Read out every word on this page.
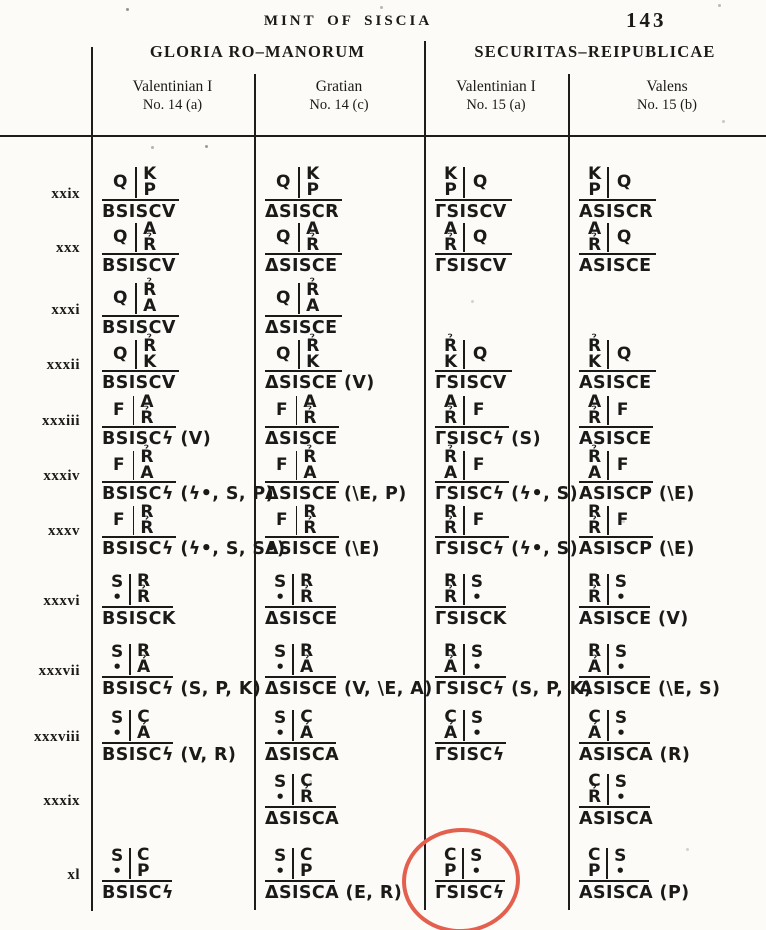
MINT OF SISCIA	143
GLORIA RO–MANORUM	SECURITAS–REIPUBLICAE
Valentinian I
No. 14 (a)
Gratian
No. 14 (c)
Valentinian I
No. 15 (a)
Valens
No. 15 (b)
xxix
Q K
P
BSISCV
Q K
P
ΔSISCR
K
P Q
ΓSISCV
K
P Q
ASISCR
xxx
Q A
R̉
BSISCV
Q A
R̉
ΔSISCE
A
R̉ Q
ΓSISCV
A
R̉ Q
ASISCE
xxxi
Q R̉
A
BSISCV
Q R̉
A
ΔSISCE
xxxii
Q R̉
K
BSISCV
Q R̉
K
ΔSISCE (V)
R̉
K Q
ΓSISCV
R̉
K Q
ASISCE
xxxiii
F A
R̉
BSISCϟ (V)
F A
R̉
ΔSISCE
A
R̉ F
ΓSISCϟ (S)
A
R̉ F
ASISCE
xxxiv
F R̉
A
BSISCϟ (ϟ•, S, P)
F R̉
A
ΔSISCE (\E, P)
R̉
A F
ΓSISCϟ (ϟ•, S)
R̉
A F
ASISCP (\E)
xxxv
F R
R̉
BSISCϟ (ϟ•, S, S•)
F R
R̉
ΔSISCE (\E)
R
R̉ F
ΓSISCϟ (ϟ•, S)
R
R̉ F
ASISCP (\E)
xxxvi
S
•
R
R̉
BSISCK
S
•
R
R̉
ΔSISCE
R
R̉
S
•
ΓSISCK
R
R̉
S
•
ASISCE (V)
xxxvii
S
•
R
Ả
BSISCϟ (S, P, K)
S
•
R
Ả
ΔSISCE (V, \E, A)
R
Ả
S
•
ΓSISCϟ (S, P, K)
R
Ả
S
•
ASISCE (\E, S)
xxxviii
S
•
C
Ả
BSISCϟ (V, R)
S
•
C
Ả
ΔSISCA
C
Ả
S
•
ΓSISCϟ
C
Ả
S
•
ASISCA (R)
xxxix
S
•
C
R̉
ΔSISCA
C
R̉
S
•
ASISCA
xl
S
•
C
P
BSISCϟ
S
•
C
P
ΔSISCA (E, R)
C
P
S
•
ΓSISCϟ
C
P
S
•
ASISCA (P)
